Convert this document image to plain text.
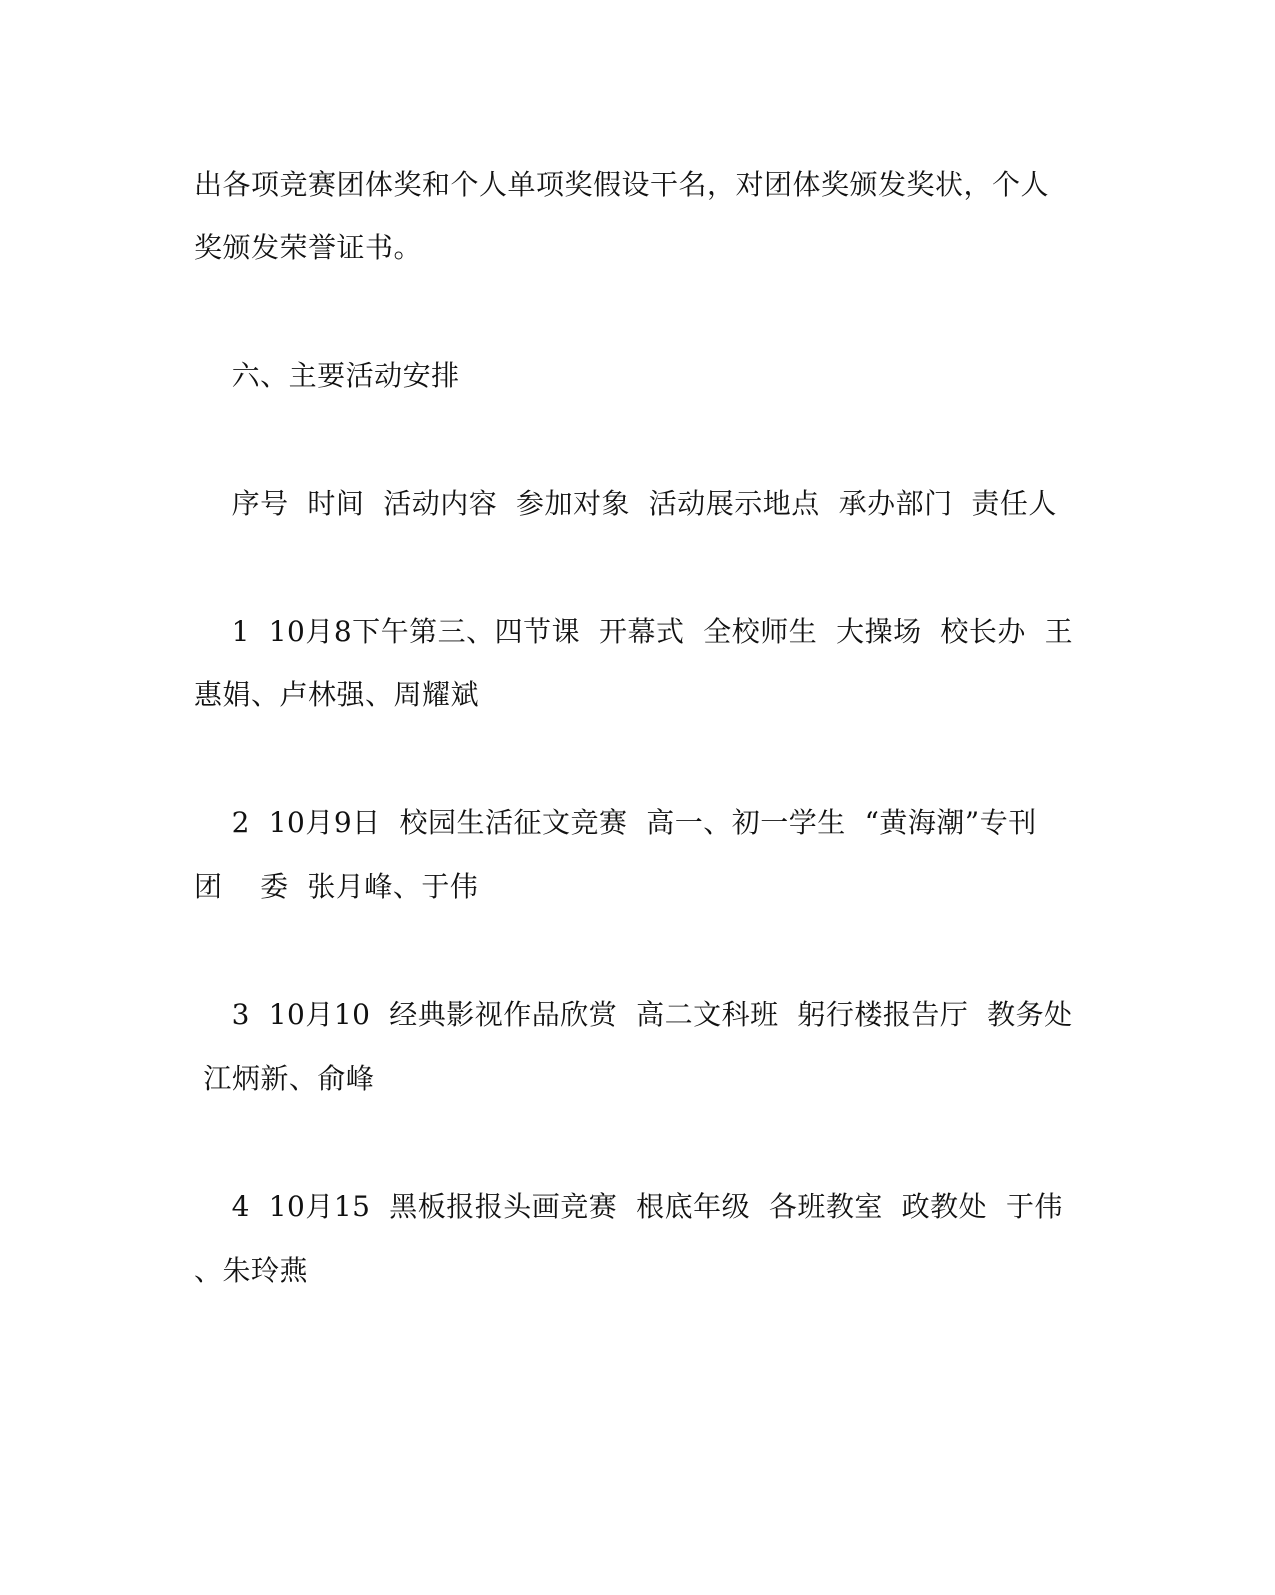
出各项竞赛团体奖和个人单项奖假设干名，对团体奖颁发奖状，个人
奖颁发荣誉证书。
六、主要活动安排
序号  时间  活动内容  参加对象  活动展示地点  承办部门  责任人
1  10月8下午第三、四节课  开幕式  全校师生  大操场  校长办  王
惠娟、卢林强、周耀斌
2  10月9日  校园生活征文竞赛  高一、初一学生  “黄海潮”专刊
团    委  张月峰、于伟
3  10月10  经典影视作品欣赏  高二文科班  躬行楼报告厅  教务处
江炳新、俞峰
4  10月15  黑板报报头画竞赛  根底年级  各班教室  政教处  于伟
、朱玲燕
